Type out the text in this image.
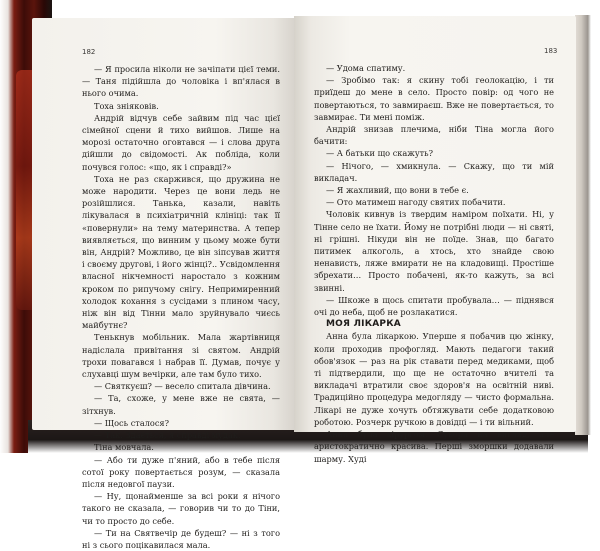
182

— Я просила ніколи не зачіпати цієї теми. — Таня підійшла до чоловіка і вп'ялася в нього очима.

Тоха зніяковів.

Андрій відчув себе зайвим під час цієї сімейної сцени й тихо вийшов. Лише на морозі остаточно оговтався — і слова друга дійшли до свідомості. Ак побліда, коли почувся голос: «що, як і справді?»

Тоха не раз скаржився, що дружина не може народити. Через це вони ледь не розійшлися. Танька, казали, навіть лікувалася в психіатричній клініці: так її «повернули» на тему материнства. А тепер виявляється, що винним у цьому може бути він, Андрій? Можливо, це він зіпсував життя і своєму другові, і його жінці?.. Усвідомлення власної нікчемності наростало з кожним кроком по рипучому снігу. Непримиренний холодок кохання з сусідами з плином часу, ніж він від Тінни мало зруйнувало чиєсь майбутнє?

Тенькнув мобільник. Мала жартівниця надіслала привітання зі святом. Андрій трохи повагався і набрав її. Думав, почує у слухавці шум вечірки, але там було тихо.

— Святкуєш? — весело спитала дівчина.

— Та, схоже, у мене вже не свята, — зітхнув.

— Щось сталося?

— Так. Здається, я справді мудак.

Тіна мовчала.

— Або ти дуже п'яний, або в тебе після сотої року повертається розум, — сказала після недовгої паузи.

— Ну, щонайменше за всі роки я нічого такого не сказала, — говорив чи то до Тіни, чи то просто до себе.

— Ти на Святвечір де будеш? — ні з того ні з сього поцікавилася мала.

183

— Удома спатиму.

— Зробімо так: я скину тобі геолокацію, і ти приїдеш до мене в село. Просто повір: од чого не повертаються, то завмираєш. Вже не повертається, то завмирає. Ти мені поміж.

Андрій знизав плечима, ніби Тіна могла його бачити:

— А батьки що скажуть?

— Нічого, — хмикнула. — Скажу, що ти мій викладач.

— Я жахливий, що вони в тебе є.

— Ото матимеш нагоду святих побачити.

Чоловік кивнув із твердим наміром поїхати. Ні, у Тінне село не їхати. Йому не потрібні люди — ні святі, ні грішні. Нікуди він не поїде. Знав, що багато питимек алкоголь, а хтось, хто знайде свою ненависть, ляже вмирати не на кладовищі. Простіше збрехати… Просто побачені, як-то кажуть, за всі звинні.

— Шкоже в щось спитати пробувала… — піднявся очі до неба, щоб не розлакатися.

МОЯ ЛІКАРКА

Анна була лікаркою. Уперше я побачив цю жінку, коли проходив профогляд. Мають педагоги такий обов'язок — раз на рік ставати перед медиками, щоб ті підтвердили, що ще не остаточно вчителі та викладачі втратили своє здоров'я на освітній ниві. Традиційно процедура медогляду — чисто формальна. Лікарі не дуже хочуть обтяжувати себе додатковою роботою. Розчерк ручкою в довідці — і ти вільний.

Анна була хірургом. Сувора на вигляд, але аристократично красива. Перші зморшки додавали шарму. Худі
